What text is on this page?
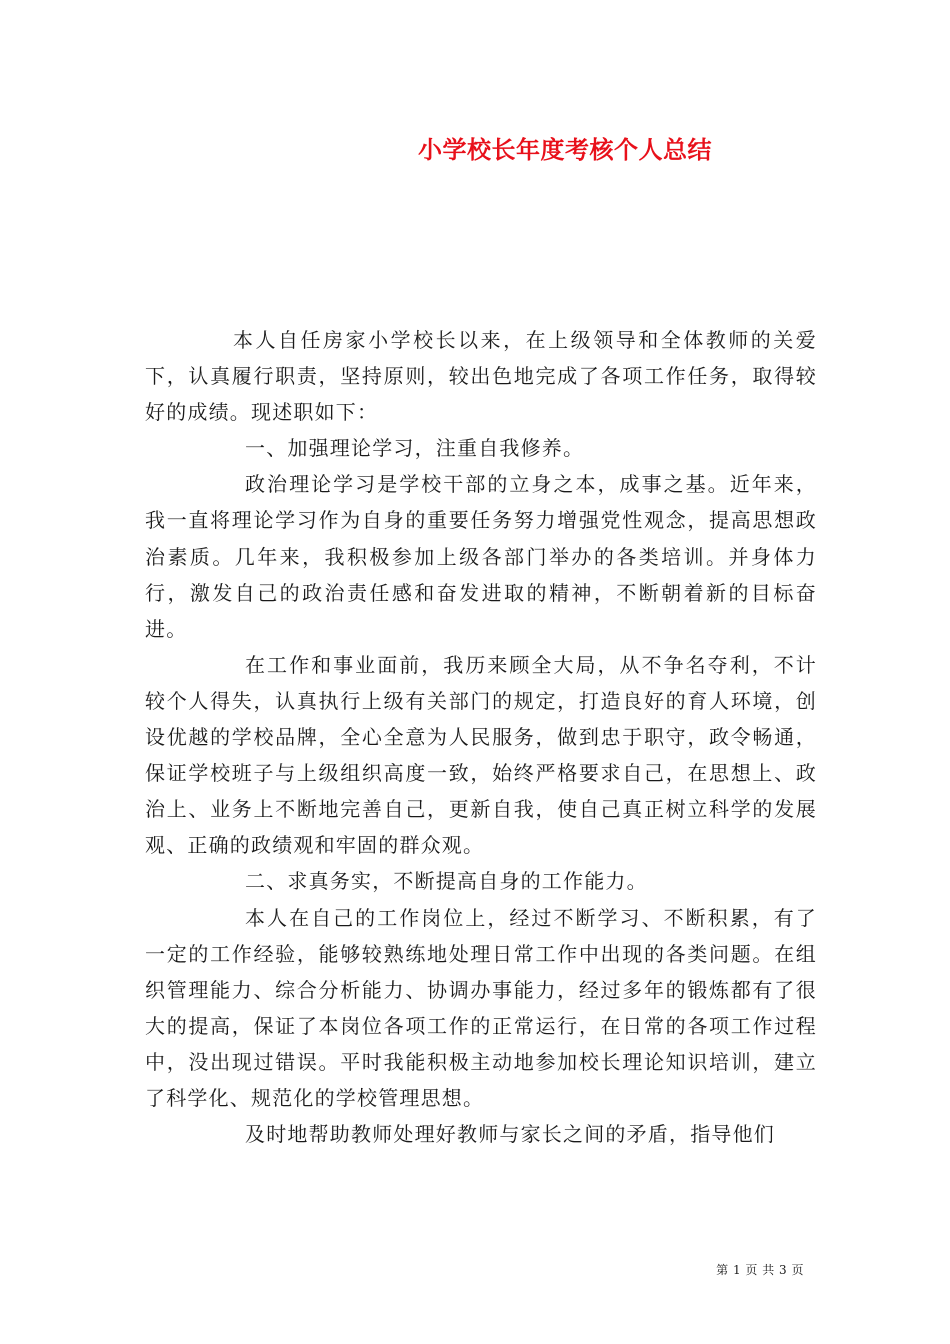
小学校长年度考核个人总结

本人自任房家小学校长以来，在上级领导和全体教师的关爱下，认真履行职责，坚持原则，较出色地完成了各项工作任务，取得较好的成绩。现述职如下：

一、加强理论学习，注重自我修养。

政治理论学习是学校干部的立身之本，成事之基。近年来，我一直将理论学习作为自身的重要任务努力增强党性观念，提高思想政治素质。几年来，我积极参加上级各部门举办的各类培训。并身体力行，激发自己的政治责任感和奋发进取的精神，不断朝着新的目标奋进。

在工作和事业面前，我历来顾全大局，从不争名夺利，不计较个人得失，认真执行上级有关部门的规定，打造良好的育人环境，创设优越的学校品牌，全心全意为人民服务，做到忠于职守，政令畅通，保证学校班子与上级组织高度一致，始终严格要求自己，在思想上、政治上、业务上不断地完善自己，更新自我，使自己真正树立科学的发展观、正确的政绩观和牢固的群众观。

二、求真务实，不断提高自身的工作能力。

本人在自己的工作岗位上，经过不断学习、不断积累，有了一定的工作经验，能够较熟练地处理日常工作中出现的各类问题。在组织管理能力、综合分析能力、协调办事能力，经过多年的锻炼都有了很大的提高，保证了本岗位各项工作的正常运行，在日常的各项工作过程中，没出现过错误。平时我能积极主动地参加校长理论知识培训，建立了科学化、规范化的学校管理思想。

及时地帮助教师处理好教师与家长之间的矛盾，指导他们

第 1 页 共 3 页
